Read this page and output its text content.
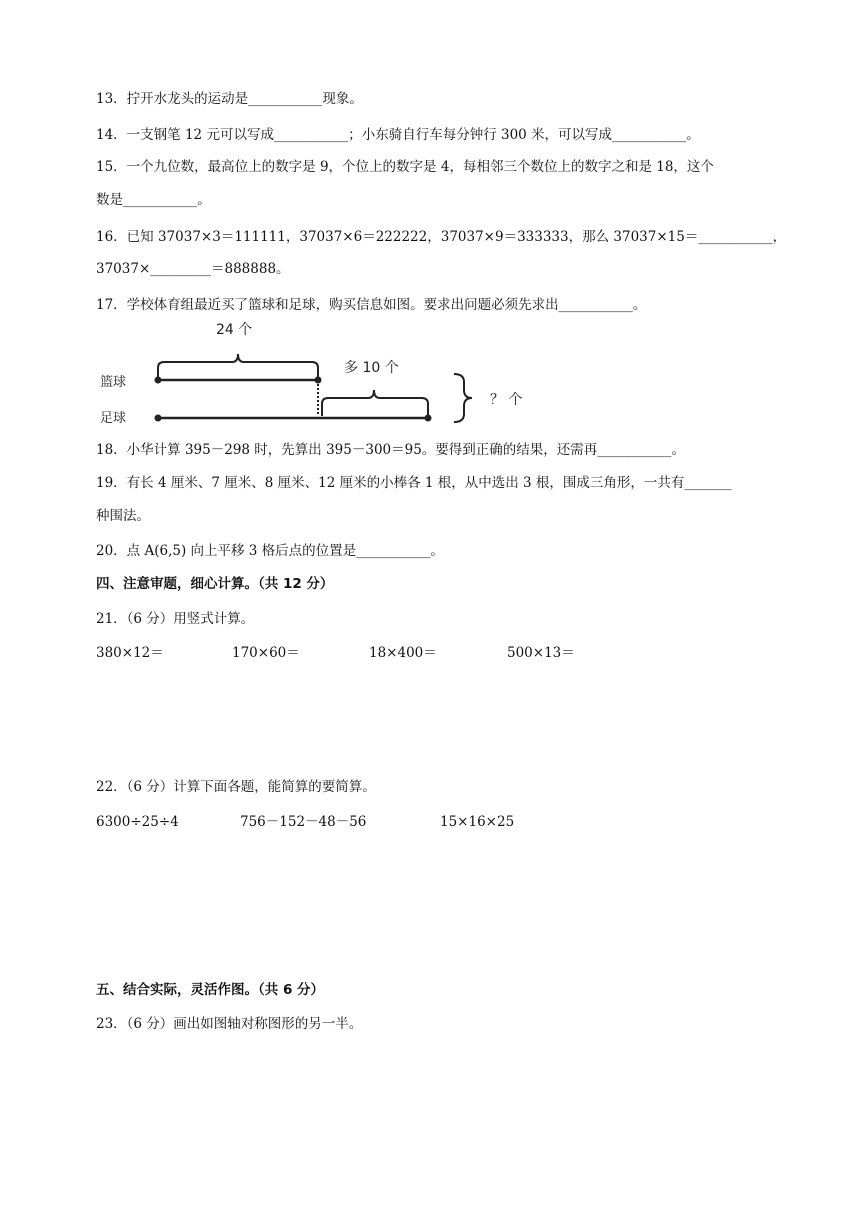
13．拧开水龙头的运动是___________现象。
14．一支钢笔 12 元可以写成___________；小东骑自行车每分钟行 300 米，可以写成___________。
15．一个九位数，最高位上的数字是 9，个位上的数字是 4，每相邻三个数位上的数字之和是 18，这个
数是___________。
16．已知 37037×3＝111111，37037×6＝222222，37037×9＝333333，那么 37037×15＝___________，
37037×_________＝888888。
17．学校体育组最近买了篮球和足球，购买信息如图。要求出问题必须先求出___________。
24 个
篮球
多 10 个
足球
？ 个
18．小华计算 395－298 时，先算出 395－300＝95。要得到正确的结果，还需再___________。
19．有长 4 厘米、7 厘米、8 厘米、12 厘米的小棒各 1 根，从中选出 3 根，围成三角形，一共有_______
种围法。
20．点 A(6,5) 向上平移 3 格后点的位置是___________。
四、注意审题，细心计算。（共 12 分）
21．（6 分）用竖式计算。
380×12＝	170×60＝	18×400＝	500×13＝
22．（6 分）计算下面各题，能简算的要简算。
6300÷25÷4	756－152－48－56	15×16×25
五、结合实际，灵活作图。（共 6 分）
23．（6 分）画出如图轴对称图形的另一半。
